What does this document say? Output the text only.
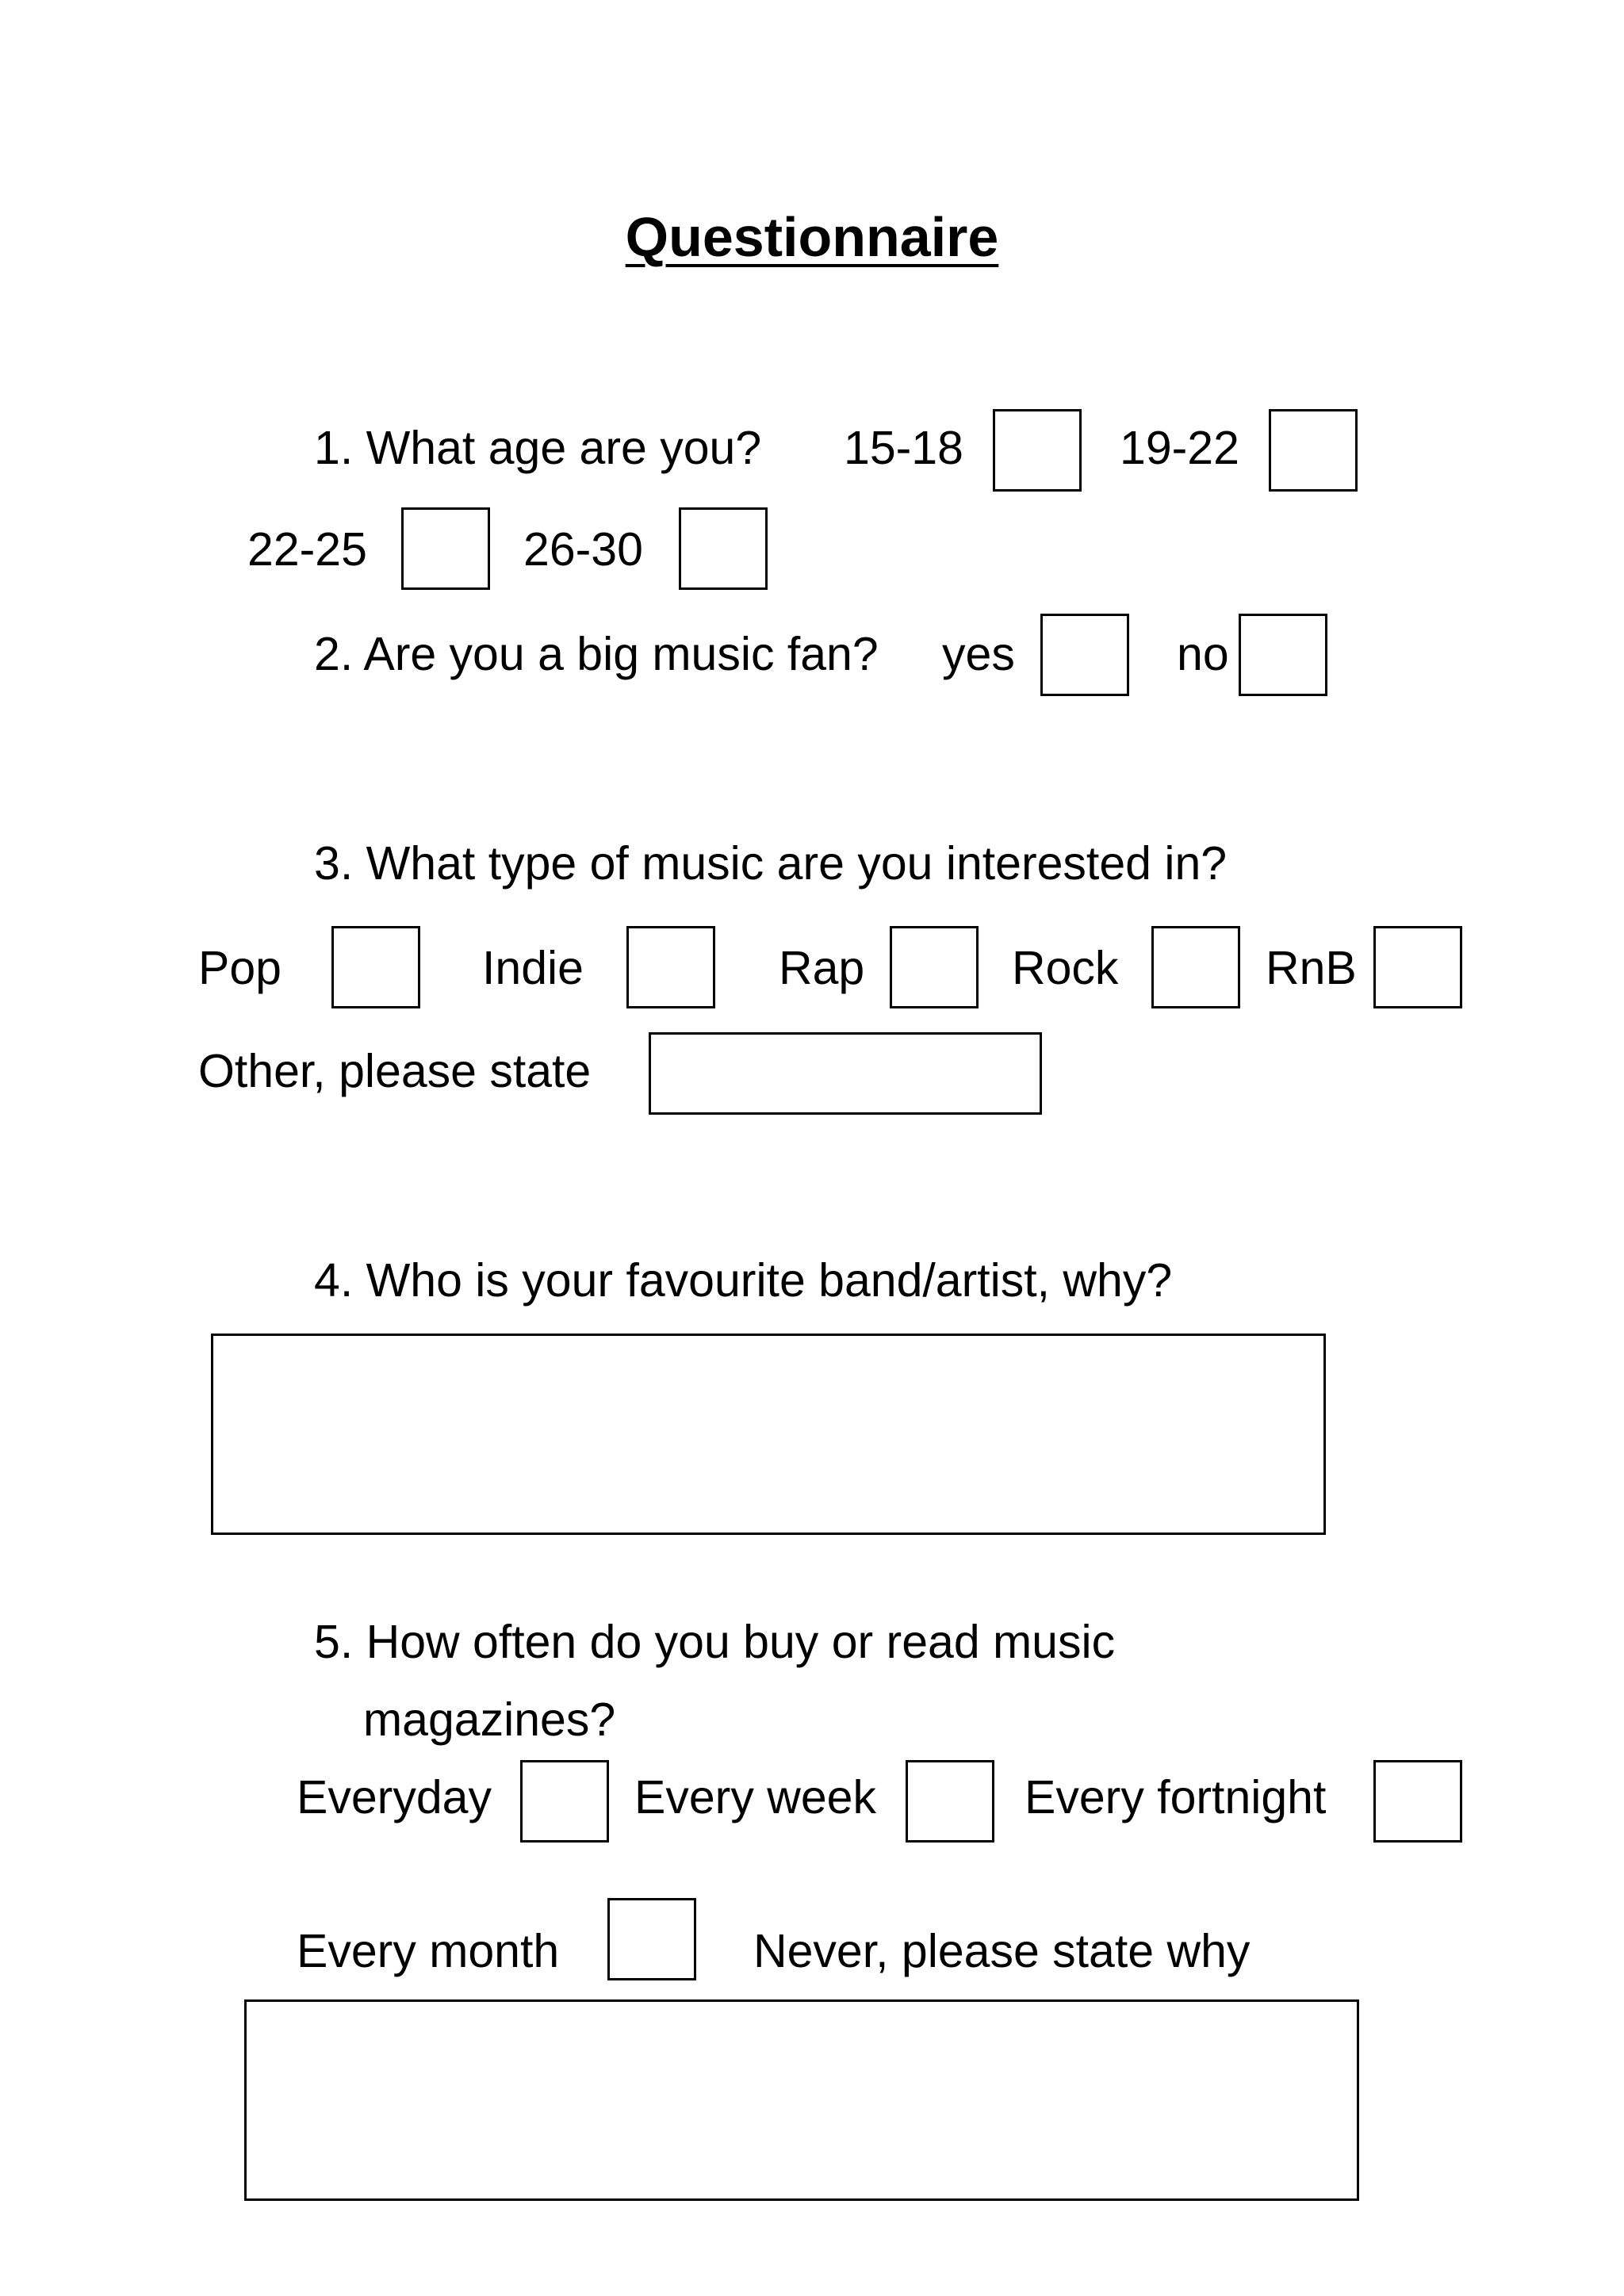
Questionnaire
1. What age are you? 15-18	19-22
22-25	26-30
2. Are you a big music fan? yes	no
3. What type of music are you interested in?
Pop	Indie	Rap	Rock	RnB
Other, please state
4. Who is your favourite band/artist, why?
5. How often do you buy or read music
magazines?
Everyday	Every week	Every fortnight
Every month	Never, please state why
